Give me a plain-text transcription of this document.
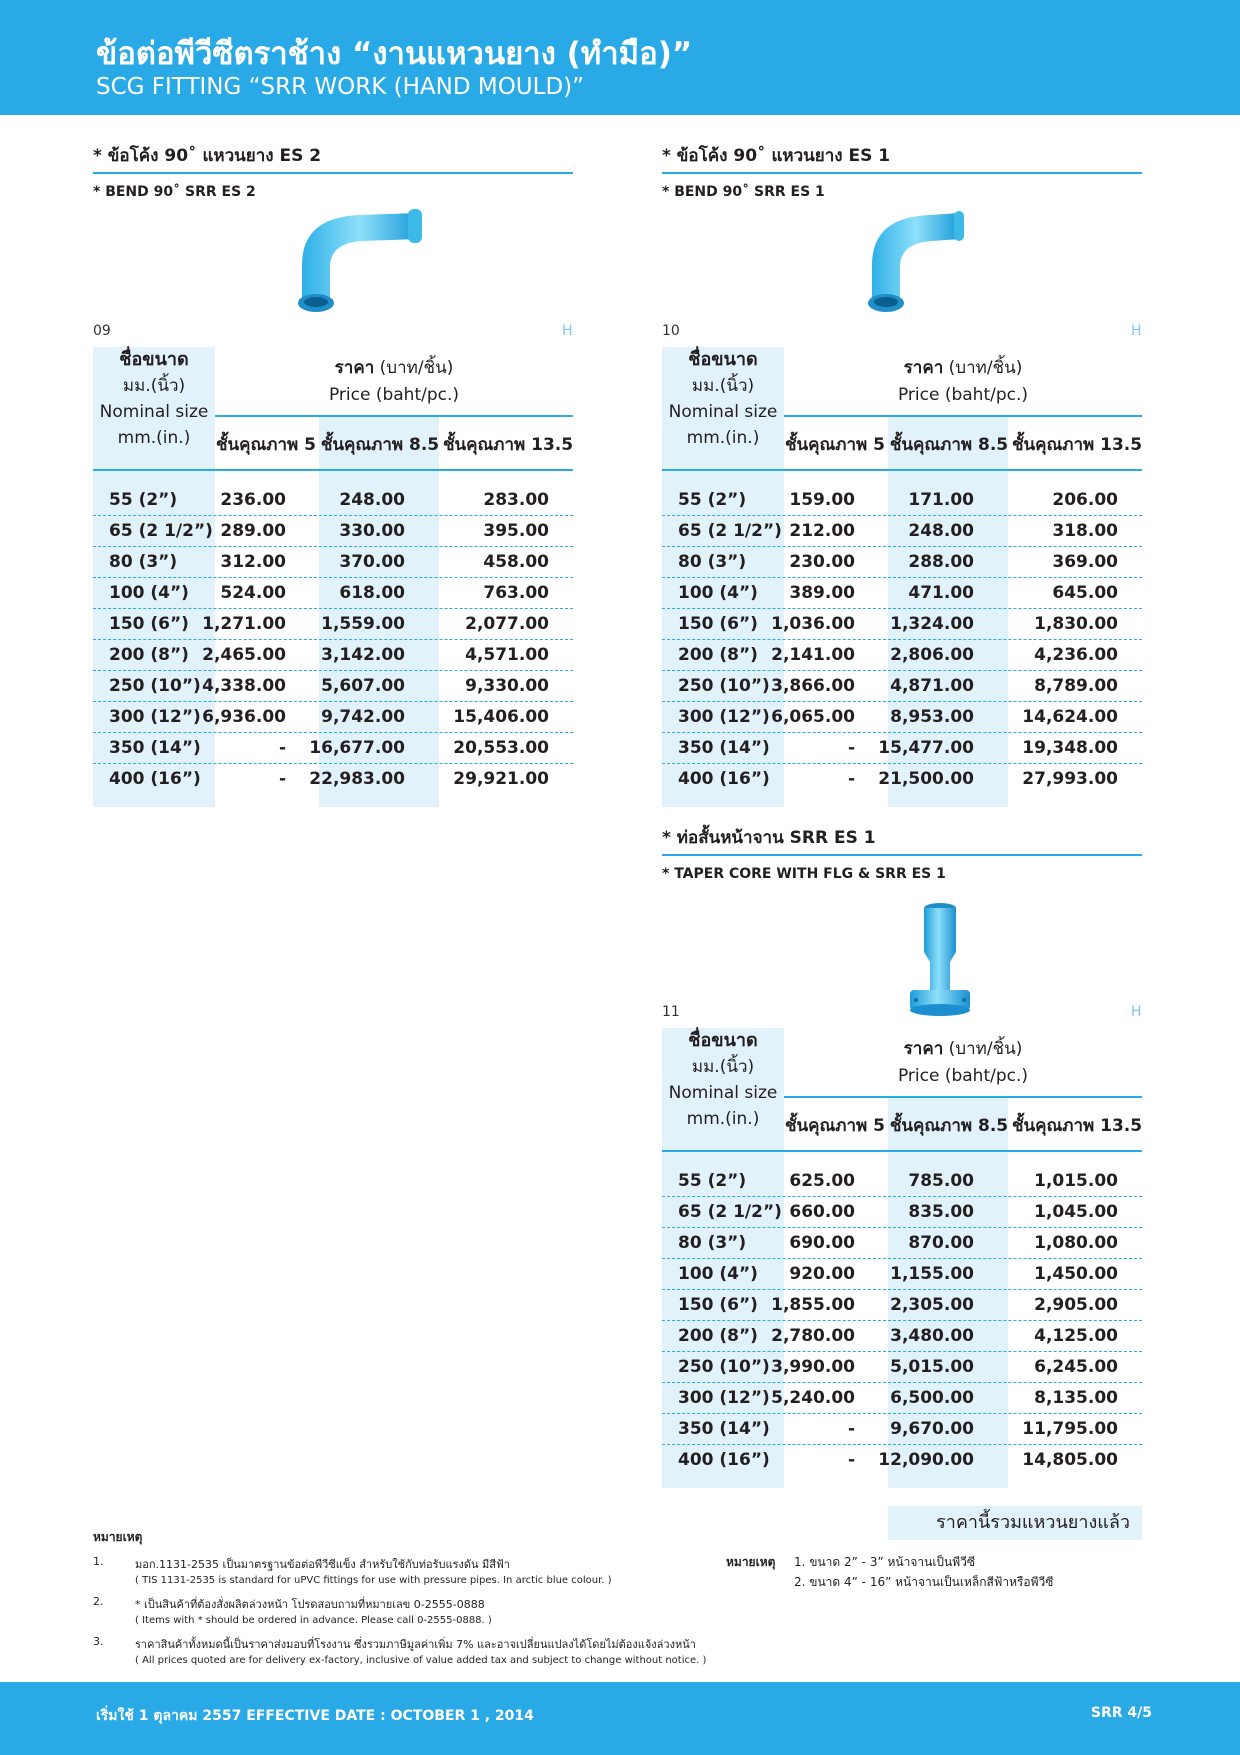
ข้อต่อพีวีซีตราช้าง “งานแหวนยาง (ทำมือ)”
SCG FITTING “SRR WORK (HAND MOULD)”
* ข้อโค้ง 90˚ แหวนยาง ES 2
* BEND 90˚ SRR ES 2
09	H
ชื่อขนาด
มม.(นิ้ว)
Nominal size
mm.(in.)
ราคา (บาท/ชิ้น)
Price (baht/pc.)
ชั้นคุณภาพ 5 ชั้นคุณภาพ 8.5 ชั้นคุณภาพ 13.5
55 (2”)	236.00	248.00	283.00
65 (2 1/2”) 289.00	330.00	395.00
80 (3”)	312.00	370.00	458.00
100 (4”) 524.00	618.00	763.00
150 (6”) 1,271.00 1,559.00	2,077.00
200 (8”) 2,465.00 3,142.00	4,571.00
250 (10”) 4,338.00 5,607.00	9,330.00
300 (12”) 6,936.00 9,742.00	15,406.00
350 (14”)	- 16,677.00	20,553.00
400 (16”)	- 22,983.00	29,921.00
* ข้อโค้ง 90˚ แหวนยาง ES 1
* BEND 90˚ SRR ES 1
10	H
ชื่อขนาด
มม.(นิ้ว)
Nominal size
mm.(in.)
ราคา (บาท/ชิ้น)
Price (baht/pc.)
ชั้นคุณภาพ 5 ชั้นคุณภาพ 8.5 ชั้นคุณภาพ 13.5
55 (2”)	159.00	171.00	206.00
65 (2 1/2”) 212.00	248.00	318.00
80 (3”)	230.00	288.00	369.00
100 (4”) 389.00	471.00	645.00
150 (6”) 1,036.00 1,324.00	1,830.00
200 (8”) 2,141.00 2,806.00	4,236.00
250 (10”) 3,866.00 4,871.00	8,789.00
300 (12”) 6,065.00 8,953.00	14,624.00
350 (14”)	- 15,477.00	19,348.00
400 (16”)	- 21,500.00	27,993.00
* ท่อสั้นหน้าจาน SRR ES 1
* TAPER CORE WITH FLG & SRR ES 1
11	H
ชื่อขนาด
มม.(นิ้ว)
Nominal size
mm.(in.)
ราคา (บาท/ชิ้น)
Price (baht/pc.)
ชั้นคุณภาพ 5 ชั้นคุณภาพ 8.5 ชั้นคุณภาพ 13.5
55 (2”)	625.00	785.00	1,015.00
65 (2 1/2”) 660.00	835.00	1,045.00
80 (3”)	690.00	870.00	1,080.00
100 (4”) 920.00 1,155.00	1,450.00
150 (6”) 1,855.00 2,305.00	2,905.00
200 (8”) 2,780.00 3,480.00	4,125.00
250 (10”) 3,990.00 5,015.00	6,245.00
300 (12”) 5,240.00 6,500.00	8,135.00
350 (14”)	- 9,670.00	11,795.00
400 (16”)	- 12,090.00	14,805.00
ราคานี้รวมแหวนยางแล้ว
หมายเหตุ
1.	มอก.1131-2535 เป็นมาตรฐานข้อต่อพีวีซีแข็ง สำหรับใช้กับท่อรับแรงดัน มีสีฟ้า
( TIS 1131-2535 is standard for uPVC fittings for use with pressure pipes. In arctic blue colour. )
2.	* เป็นสินค้าที่ต้องสั่งผลิตล่วงหน้า โปรดสอบถามที่หมายเลข 0-2555-0888
( Items with * should be ordered in advance. Please call 0-2555-0888. )
3.	ราคาสินค้าทั้งหมดนี้เป็นราคาส่งมอบที่โรงงาน ซึ่งรวมภาษีมูลค่าเพิ่ม 7% และอาจเปลี่ยนแปลงได้โดยไม่ต้องแจ้งล่วงหน้า
( All prices quoted are for delivery ex-factory, inclusive of value added tax and subject to change without notice. )
หมายเหตุ 1. ขนาด 2” - 3” หน้าจานเป็นพีวีซี
2. ขนาด 4” - 16” หน้าจานเป็นเหล็กสีฟ้าหรือพีวีซี
เริ่มใช้ 1 ตุลาคม 2557 EFFECTIVE DATE : OCTOBER 1 , 2014	SRR 4/5
